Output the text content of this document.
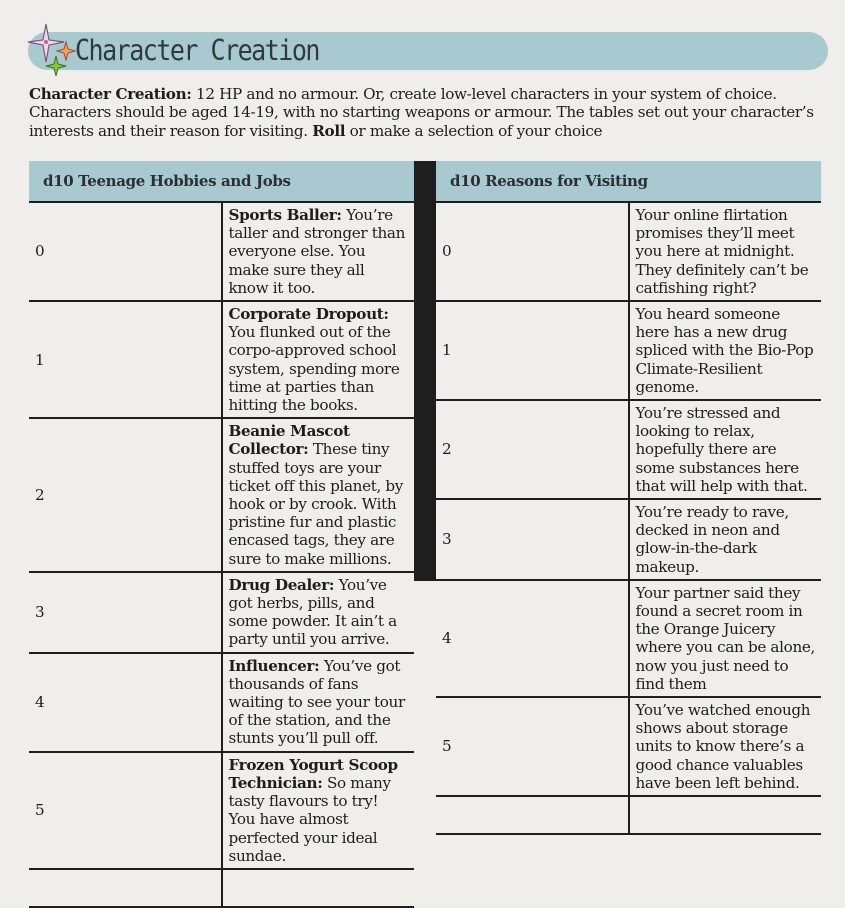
Character Creation
Character Creation: 12 HP and no armour. Or, create low-level characters in your system of choice. Characters should be aged 14-19, with no starting weapons or armour. The tables set out your character’s interests and their reason for visiting. Roll or make a selection of your choice
d10 Teenage Hobbies and Jobs	
0	Sports Baller: You’re taller and stronger than everyone else. You make sure they all know it too.
1	Corporate Dropout: You flunked out of the corpo-approved school system, spending more time at parties than hitting the books.
2	Beanie Mascot Collector: These tiny stuffed toys are your ticket off this planet, by hook or by crook. With pristine fur and plastic encased tags, they are sure to make millions.
3	Drug Dealer: You’ve got herbs, pills, and some powder. It ain’t a party until you arrive.
4	Influencer: You’ve got thousands of fans waiting to see your tour of the station, and the stunts you’ll pull off.
5	Frozen Yogurt Scoop Technician: So many tasty flavours to try! You have almost perfected your ideal sundae.

d10 Reasons for Visiting	
0	Your online flirtation promises they’ll meet you here at midnight. They definitely can’t be catfishing right?
1	You heard someone here has a new drug spliced with the Bio-Pop Climate-Resilient genome.
2	You’re stressed and looking to relax, hopefully there are some substances here that will help with that.
3	You’re ready to rave, decked in neon and glow-in-the-dark makeup.
4	Your partner said they found a secret room in the Orange Juicery where you can be alone, now you just need to find them
5	You’ve watched enough shows about storage units to know there’s a good chance valuables have been left behind.
